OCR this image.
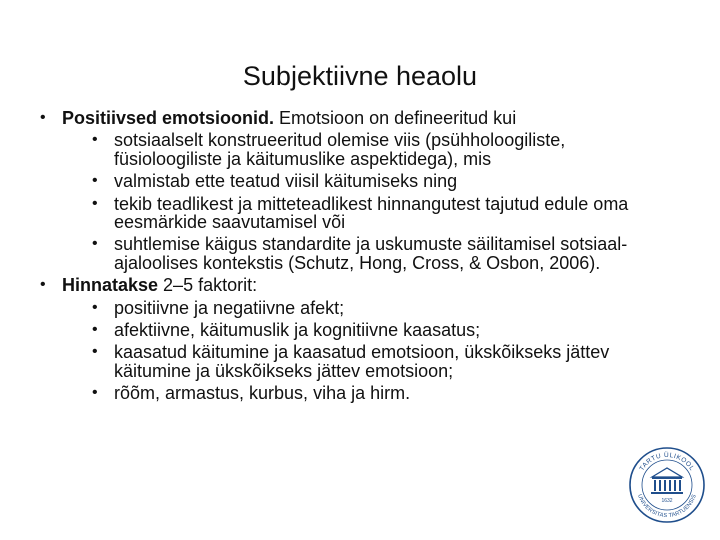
Subjektiivne heaolu
• Positiivsed emotsioonid. Emotsioon on defineeritud kui
• sotsiaalselt konstrueeritud olemise viis (psühholoogiliste, füsioloogiliste ja käitumuslike aspektidega), mis
• valmistab ette teatud viisil käitumiseks ning
• tekib teadlikest ja mitteteadlikest hinnangutest tajutud edule oma eesmärkide saavutamisel või
• suhtlemise käigus standardite ja uskumuste säilitamisel sotsiaal-ajaloolises kontekstis (Schutz, Hong, Cross, & Osbon, 2006).
• Hinnatakse 2–5 faktorit:
• positiivne ja negatiivne afekt;
• afektiivne, käitumuslik ja kognitiivne kaasatus;
• kaasatud käitumine ja kaasatud emotsioon, ükskõikseks jättev käitumine ja ükskõikseks jättev emotsioon;
• rõõm, armastus, kurbus, viha ja hirm.
TARTU ÜLIKOOL
UNIVERSITAS TARTUENSIS
1632
